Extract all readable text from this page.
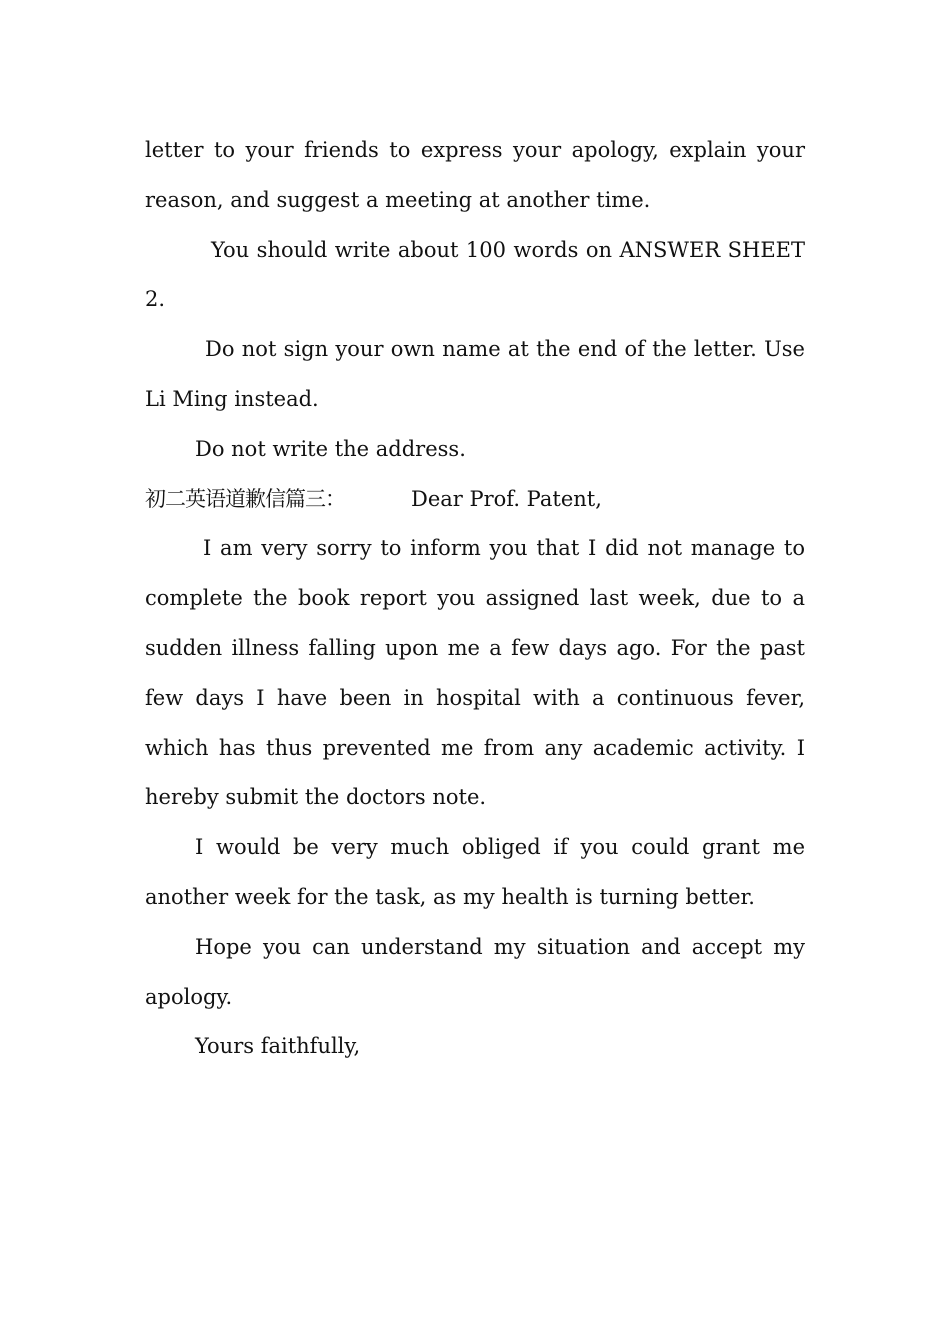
letter to your friends to express your apology, explain your reason, and suggest a meeting at another time.

You should write about 100 words on ANSWER SHEET 2.

Do not sign your own name at the end of the letter. Use Li Ming instead.

Do not write the address.

初二英语道歉信篇三：	Dear Prof. Patent,

I am very sorry to inform you that I did not manage to complete the book report you assigned last week, due to a sudden illness falling upon me a few days ago. For the past few days I have been in hospital with a continuous fever, which has thus prevented me from any academic activity. I hereby submit the doctors note.

I would be very much obliged if you could grant me another week for the task, as my health is turning better.

Hope you can understand my situation and accept my apology.

Yours faithfully,
